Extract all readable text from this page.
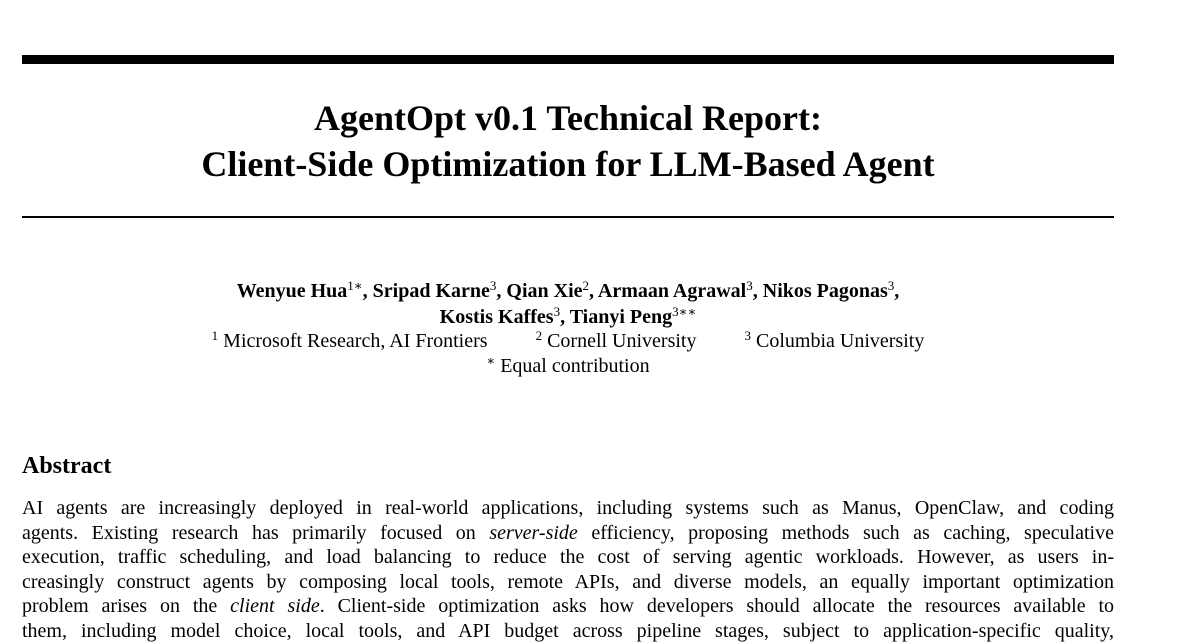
AgentOpt v0.1 Technical Report:
Client-Side Optimization for LLM-Based Agent
Wenyue Hua$^{1∗}$, Sripad Karne$^3$, Qian Xie$^2$, Armaan Agrawal$^3$, Nikos Pagonas$^3$,
Kostis Kaffes$^3$, Tianyi Peng$^{3∗∗}$
$^1$ Microsoft Research, AI Frontiers	$^2$ Cornell University	$^3$ Columbia University
∗ Equal contribution
Abstract
AI agents are increasingly deployed in real-world applications, including systems such as Manus, OpenClaw, and coding
agents. Existing research has primarily focused on server-side efficiency, proposing methods such as caching, speculative
execution, traffic scheduling, and load balancing to reduce the cost of serving agentic workloads. However, as users in-
creasingly construct agents by composing local tools, remote APIs, and diverse models, an equally important optimization
problem arises on the client side. Client-side optimization asks how developers should allocate the resources available to
them, including model choice, local tools, and API budget across pipeline stages, subject to application-specific quality,
